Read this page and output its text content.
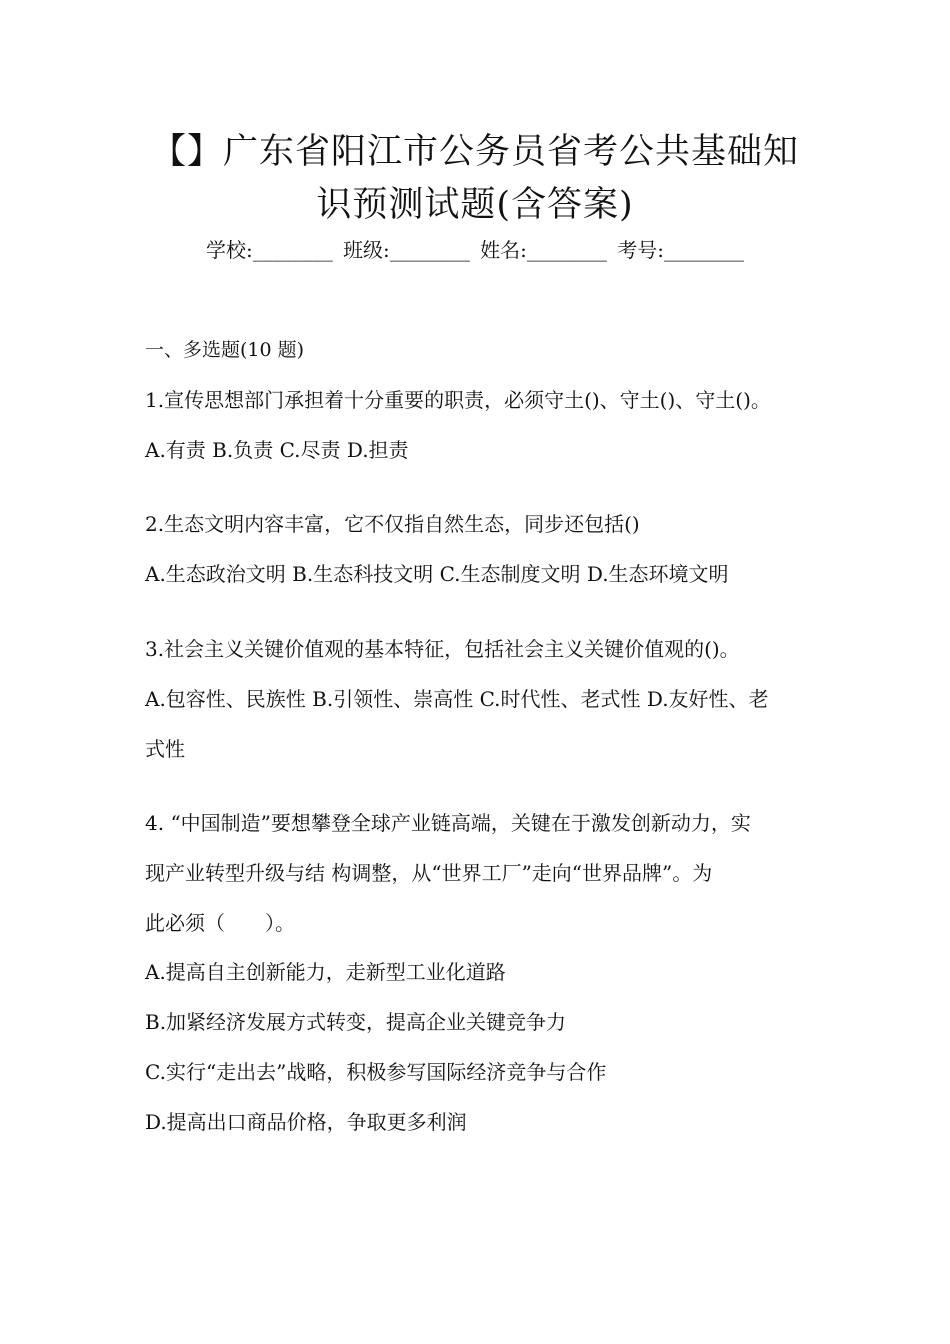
【】广东省阳江市公务员省考公共基础知
识预测试题(含答案)
学校:________ 班级:________ 姓名:________ 考号:________
一、多选题(10 题)
1.宣传思想部门承担着十分重要的职责，必须守土()、守土()、守土()。
A.有责 B.负责 C.尽责 D.担责
2.生态文明内容丰富，它不仅指自然生态，同步还包括()
A.生态政治文明 B.生态科技文明 C.生态制度文明 D.生态环境文明
3.社会主义关键价值观的基本特征，包括社会主义关键价值观的()。
A.包容性、民族性 B.引领性、崇高性 C.时代性、老式性 D.友好性、老
式性
4. “中国制造”要想攀登全球产业链高端，关键在于激发创新动力，实
现产业转型升级与结 构调整，从“世界工厂”走向“世界品牌”。为
此必须（　　）。
A.提高自主创新能力，走新型工业化道路
B.加紧经济发展方式转变，提高企业关键竞争力
C.实行“走出去”战略，积极参写国际经济竞争与合作
D.提高出口商品价格，争取更多利润
